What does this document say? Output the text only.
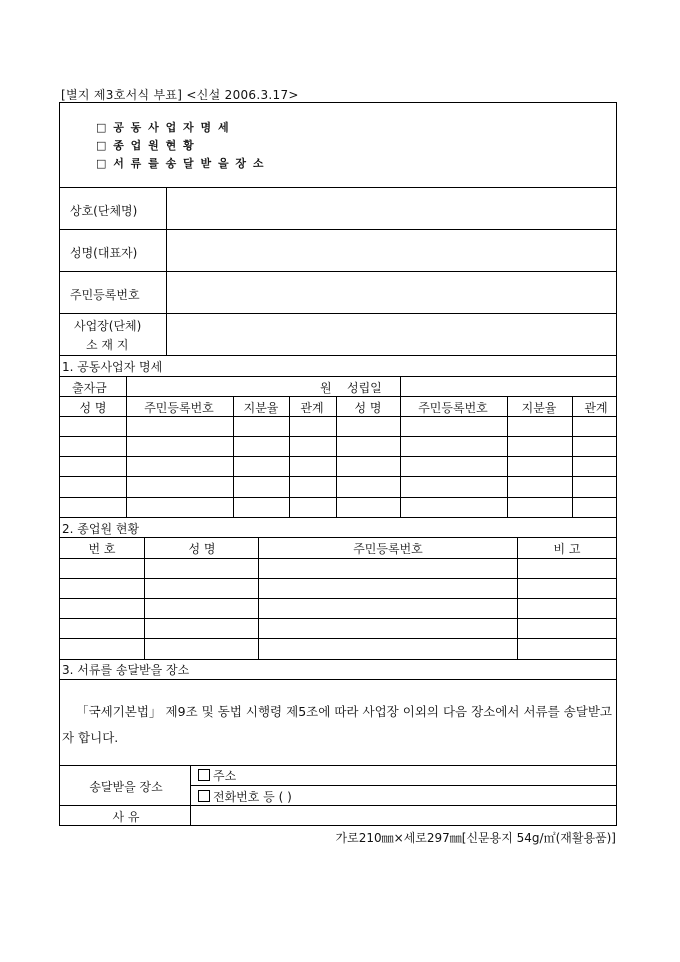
[별지 제3호서식 부표] <신설 2006.3.17>
□ 공 동 사 업 자 명 세
□ 종 업 원 현 황
□ 서 류 를 송 달 받 을 장 소
상호(단체명)
성명(대표자)
주민등록번호
사업장(단체)
소 재 지
1. 공동사업자 명세
출자금	원 성립일
성 명	주민등록번호 지분율 관계	성 명	주민등록번호	지분율 관계
2. 종업원 현황
번 호	성 명	주민등록번호	비 고
3. 서류를 송달받을 장소
「국세기본법」 제9조 및 동법 시행령 제5조에 따라 사업장 이외의 다음 장소에서 서류를 송달받고자 합니다.
송달받을 장소
주소
전화번호 등 ( )
사 유
가로210㎜×세로297㎜[신문용지 54g/㎡(재활용품)]
